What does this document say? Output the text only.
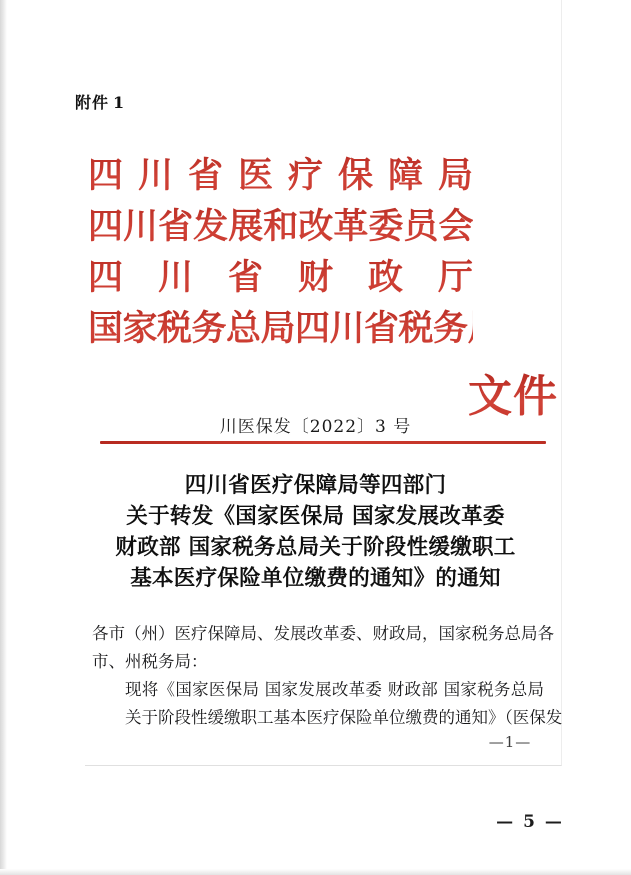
附件 1
四川省医疗保障局
四川省发展和改革委员会
四川省财政厅
国家税务总局四川省税务局
文件
川医保发〔2022〕3 号
四川省医疗保障局等四部门
关于转发《国家医保局 国家发展改革委
财政部 国家税务总局关于阶段性缓缴职工
基本医疗保险单位缴费的通知》的通知

各市（州）医疗保障局、发展改革委、财政局，国家税务总局各
市、州税务局：

现将《国家医保局 国家发展改革委 财政部 国家税务总局
关于阶段性缓缴职工基本医疗保险单位缴费的通知》（医保发

—1—
— 5 —
